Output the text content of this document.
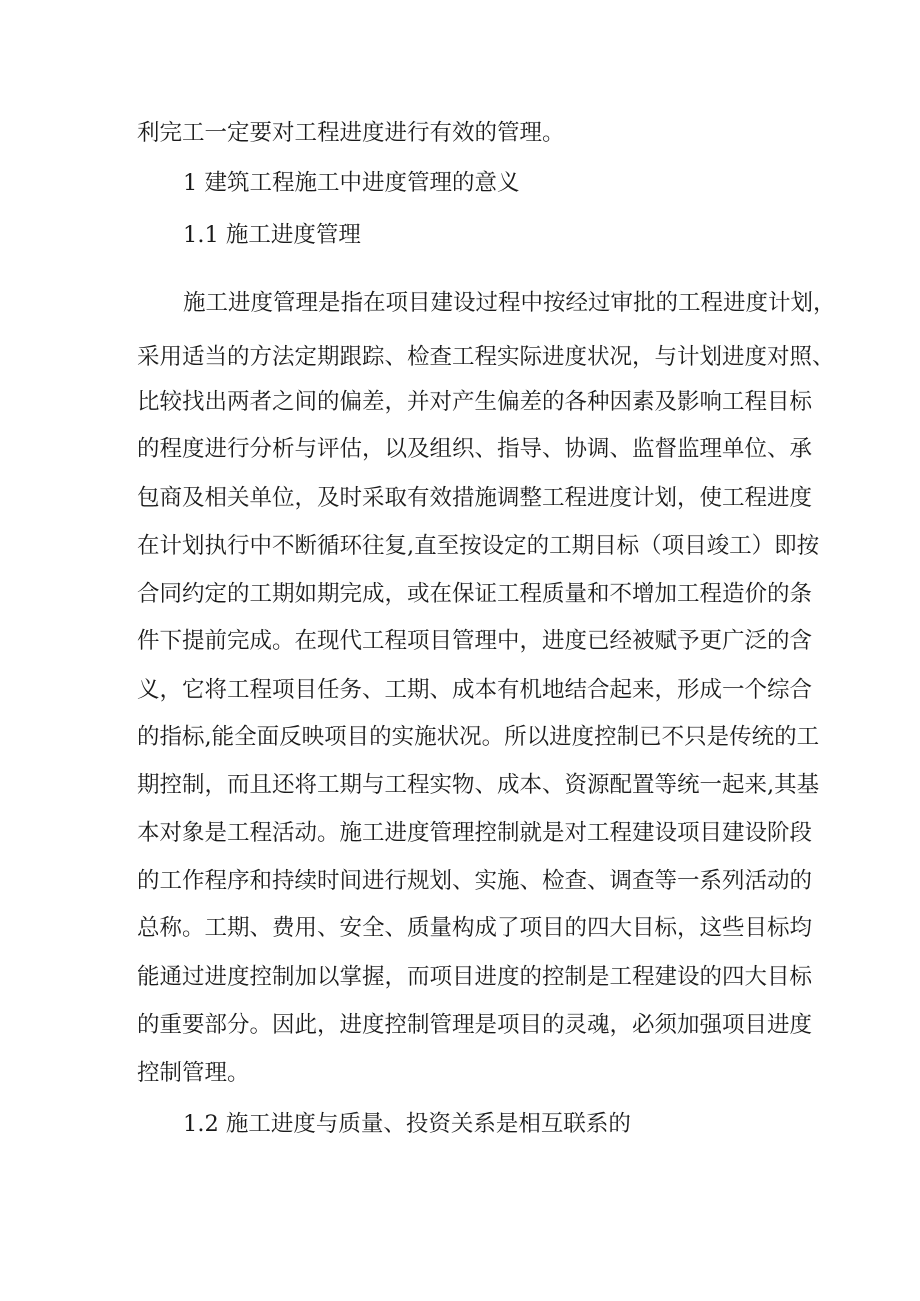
利完工一定要对工程进度进行有效的管理。
1 建筑工程施工中进度管理的意义
1.1 施工进度管理
施工进度管理是指在项目建设过程中按经过审批的工程进度计划，
采用适当的方法定期跟踪、检查工程实际进度状况，与计划进度对照、
比较找出两者之间的偏差，并对产生偏差的各种因素及影响工程目标
的程度进行分析与评估，以及组织、指导、协调、监督监理单位、承
包商及相关单位，及时采取有效措施调整工程进度计划，使工程进度
在计划执行中不断循环往复,直至按设定的工期目标（项目竣工）即按
合同约定的工期如期完成，或在保证工程质量和不增加工程造价的条
件下提前完成。在现代工程项目管理中，进度已经被赋予更广泛的含
义，它将工程项目任务、工期、成本有机地结合起来，形成一个综合
的指标,能全面反映项目的实施状况。所以进度控制已不只是传统的工
期控制，而且还将工期与工程实物、成本、资源配置等统一起来,其基
本对象是工程活动。施工进度管理控制就是对工程建设项目建设阶段
的工作程序和持续时间进行规划、实施、检查、调查等一系列活动的
总称。工期、费用、安全、质量构成了项目的四大目标，这些目标均
能通过进度控制加以掌握，而项目进度的控制是工程建设的四大目标
的重要部分。因此，进度控制管理是项目的灵魂，必须加强项目进度
控制管理。
1.2 施工进度与质量、投资关系是相互联系的
